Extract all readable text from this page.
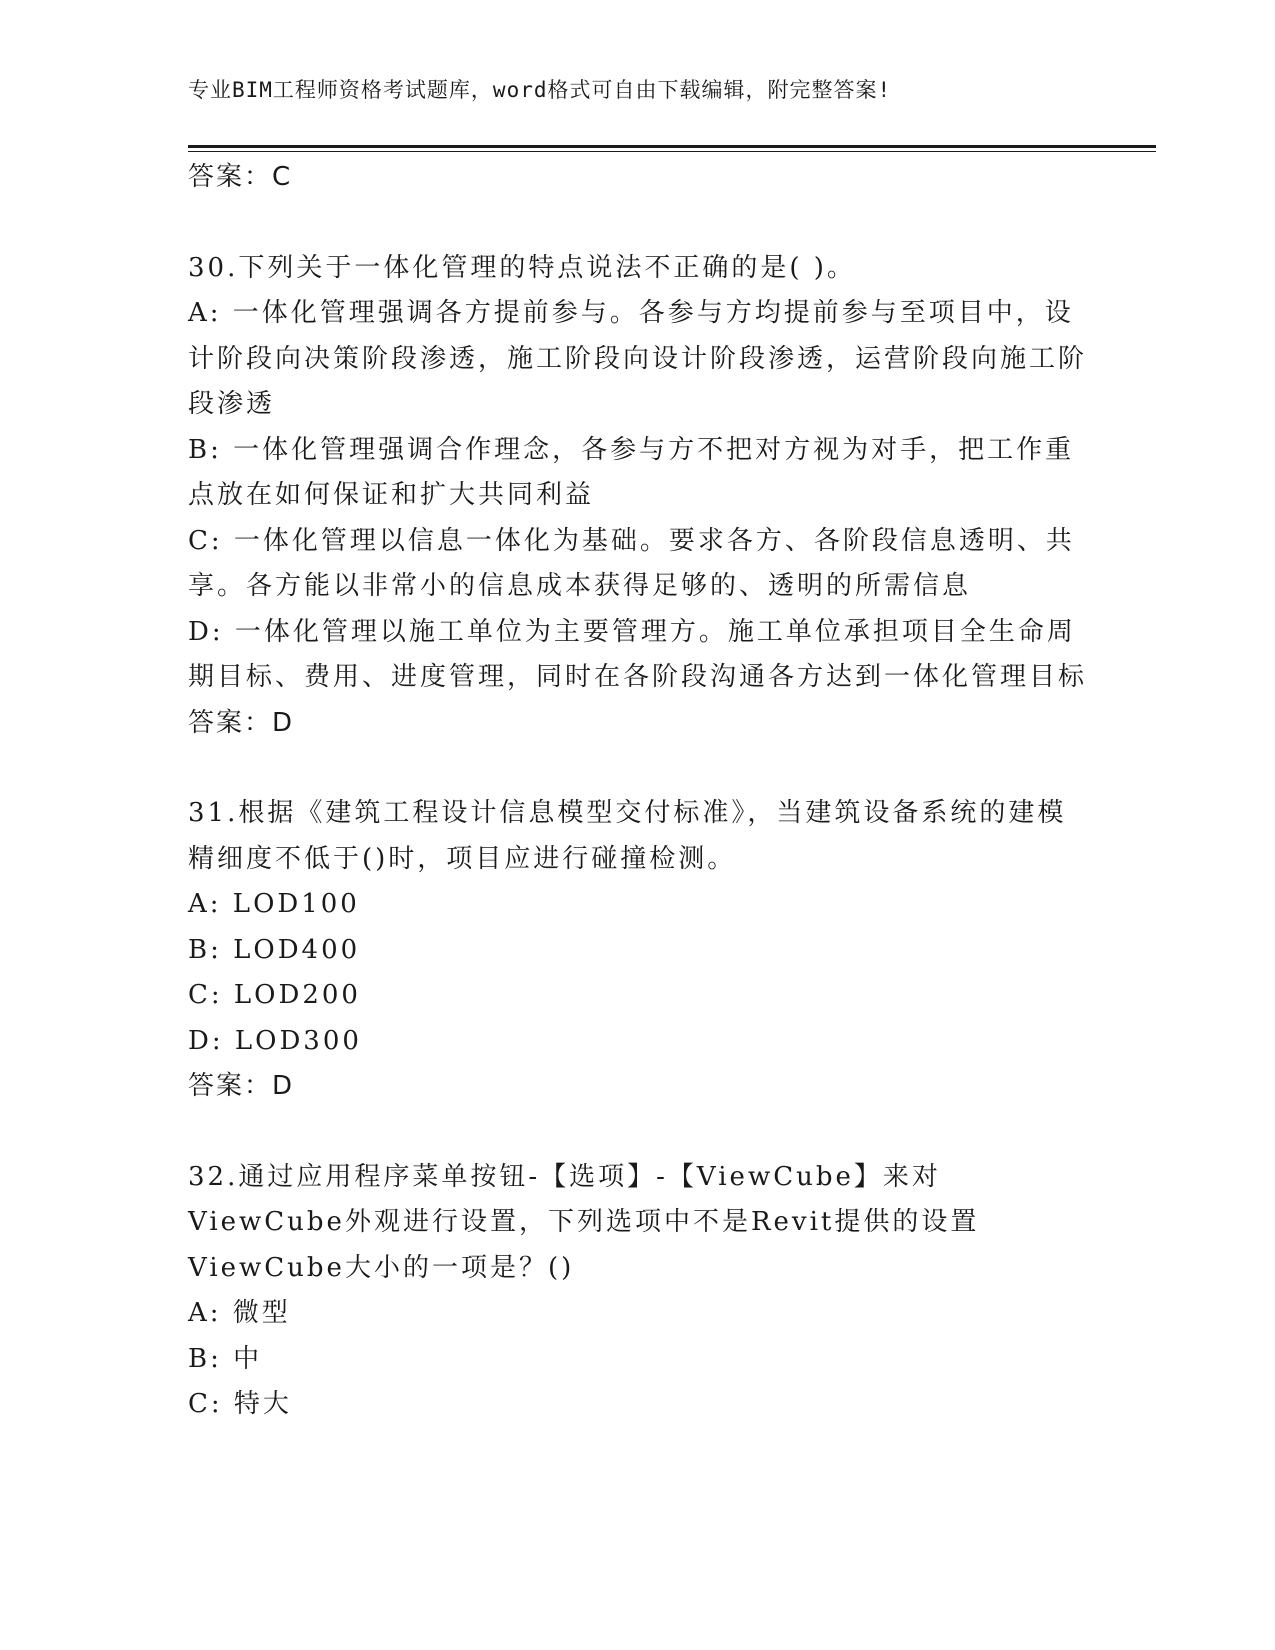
专业BIM工程师资格考试题库，word格式可自由下载编辑，附完整答案!
答案：C
30.下列关于一体化管理的特点说法不正确的是( )。
A: 一体化管理强调各方提前参与。各参与方均提前参与至项目中，设计阶段向决策阶段渗透，施工阶段向设计阶段渗透，运营阶段向施工阶段渗透
B: 一体化管理强调合作理念，各参与方不把对方视为对手，把工作重点放在如何保证和扩大共同利益
C: 一体化管理以信息一体化为基础。要求各方、各阶段信息透明、共享。各方能以非常小的信息成本获得足够的、透明的所需信息
D: 一体化管理以施工单位为主要管理方。施工单位承担项目全生命周期目标、费用、进度管理，同时在各阶段沟通各方达到一体化管理目标
答案：D
31.根据《建筑工程设计信息模型交付标准》，当建筑设备系统的建模精细度不低于()时，项目应进行碰撞检测。
A: LOD100
B: LOD400
C: LOD200
D: LOD300
答案：D
32.通过应用程序菜单按钮-【选项】-【ViewCube】来对ViewCube外观进行设置，下列选项中不是Revit提供的设置ViewCube大小的一项是？()
A: 微型
B: 中
C: 特大
